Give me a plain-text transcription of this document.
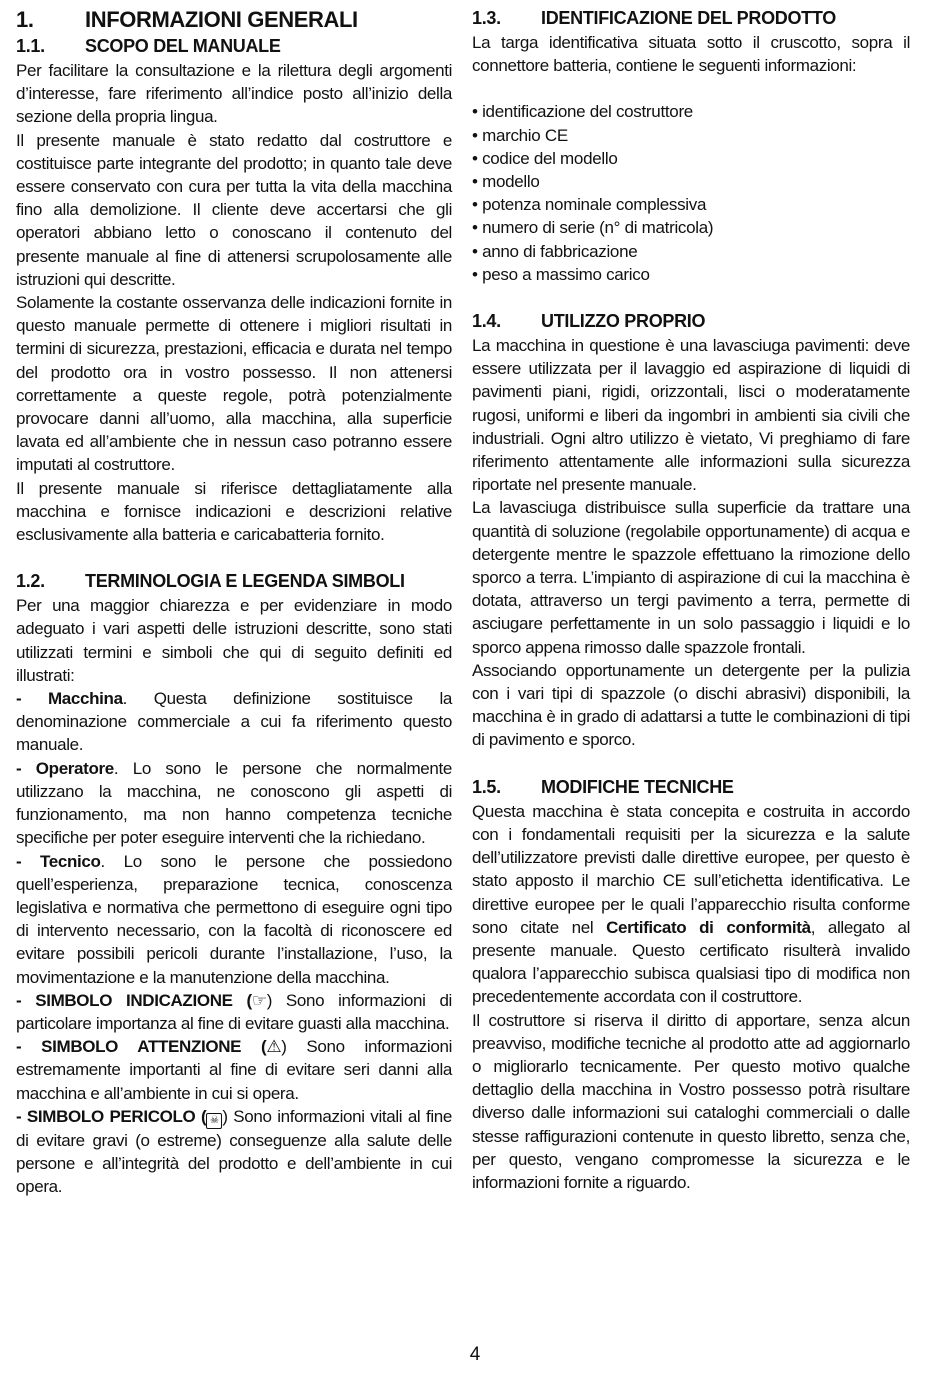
1. INFORMAZIONI GENERALI
1.1. SCOPO DEL MANUALE

Per facilitare la consultazione e la rilettura degli argomenti d’interesse, fare riferimento all’indice posto all’inizio della sezione della propria lingua.

Il presente manuale è stato redatto dal costruttore e costituisce parte integrante del prodotto; in quanto tale deve essere conservato con cura per tutta la vita della macchina fino alla demolizione. Il cliente deve accertarsi che gli operatori abbiano letto o conoscano il contenuto del presente manuale al fine di attenersi scrupolosamente alle istruzioni qui descritte.

Solamente la costante osservanza delle indicazioni fornite in questo manuale permette di ottenere i migliori risultati in termini di sicurezza, prestazioni, efficacia e durata nel tempo del prodotto ora in vostro possesso. Il non attenersi correttamente a queste regole, potrà potenzialmente provocare danni all’uomo, alla macchina, alla superficie lavata ed all’ambiente che in nessun caso potranno essere imputati al costruttore.

Il presente manuale si riferisce dettagliatamente alla macchina e fornisce indicazioni e descrizioni relative esclusivamente alla batteria e caricabatteria fornito.

1.2. TERMINOLOGIA E LEGENDA SIMBOLI

Per una maggior chiarezza e per evidenziare in modo adeguato i vari aspetti delle istruzioni descritte, sono stati utilizzati termini e simboli che qui di seguito definiti ed illustrati:

- Macchina. Questa definizione sostituisce la denominazione commerciale a cui fa riferimento questo manuale.

- Operatore. Lo sono le persone che normalmente utilizzano la macchina, ne conoscono gli aspetti di funzionamento, ma non hanno competenza tecniche specifiche per poter eseguire interventi che la richiedano.

- Tecnico. Lo sono le persone che possiedono quell’esperienza, preparazione tecnica, conoscenza legislativa e normativa che permettono di eseguire ogni tipo di intervento necessario, con la facoltà di riconoscere ed evitare possibili pericoli durante l’installazione, l’uso, la movimentazione e la manutenzione della macchina.

- SIMBOLO INDICAZIONE (☞) Sono informazioni di particolare importanza al fine di evitare guasti alla macchina.

- SIMBOLO ATTENZIONE (⚠) Sono informazioni estremamente importanti al fine di evitare seri danni alla macchina e all’ambiente in cui si opera.

- SIMBOLO PERICOLO ( ☠ ) Sono informazioni vitali al fine di evitare gravi (o estreme) conseguenze alla salute delle persone e all’integrità del prodotto e dell’ambiente in cui opera.

1.3. IDENTIFICAZIONE DEL PRODOTTO

La targa identificativa situata sotto il cruscotto, sopra il connettore batteria, contiene le seguenti informazioni:

• identificazione del costruttore
• marchio CE
• codice del modello
• modello
• potenza nominale complessiva
• numero di serie (n° di matricola)
• anno di fabbricazione
• peso a massimo carico
1.4. UTILIZZO PROPRIO

La macchina in questione è una lavasciuga pavimenti: deve essere utilizzata per il lavaggio ed aspirazione di liquidi di pavimenti piani, rigidi, orizzontali, lisci o moderatamente rugosi, uniformi e liberi da ingombri in ambienti sia civili che industriali. Ogni altro utilizzo è vietato, Vi preghiamo di fare riferimento attentamente alle informazioni sulla sicurezza riportate nel presente manuale.

La lavasciuga distribuisce sulla superficie da trattare una quantità di soluzione (regolabile opportunamente) di acqua e detergente mentre le spazzole effettuano la rimozione dello sporco a terra. L’impianto di aspirazione di cui la macchina è dotata, attraverso un tergi pavimento a terra, permette di asciugare perfettamente in un solo passaggio i liquidi e lo sporco appena rimosso dalle spazzole frontali.

Associando opportunamente un detergente per la pulizia con i vari tipi di spazzole (o dischi abrasivi) disponibili, la macchina è in grado di adattarsi a tutte le combinazioni di tipi di pavimento e sporco.

1.5. MODIFICHE TECNICHE

Questa macchina è stata concepita e costruita in accordo con i fondamentali requisiti per la sicurezza e la salute dell’utilizzatore previsti dalle direttive europee, per questo è stato apposto il marchio CE sull’etichetta identificativa. Le direttive europee per le quali l’apparecchio risulta conforme sono citate nel Certificato di conformità, allegato al presente manuale. Questo certificato risulterà invalido qualora l’apparecchio subisca qualsiasi tipo di modifica non precedentemente accordata con il costruttore.

Il costruttore si riserva il diritto di apportare, senza alcun preavviso, modifiche tecniche al prodotto atte ad aggiornarlo o migliorarlo tecnicamente. Per questo motivo qualche dettaglio della macchina in Vostro possesso potrà risultare diverso dalle informazioni sui cataloghi commerciali o dalle stesse raffigurazioni contenute in questo libretto, senza che, per questo, vengano compromesse la sicurezza e le informazioni fornite a riguardo.

4
